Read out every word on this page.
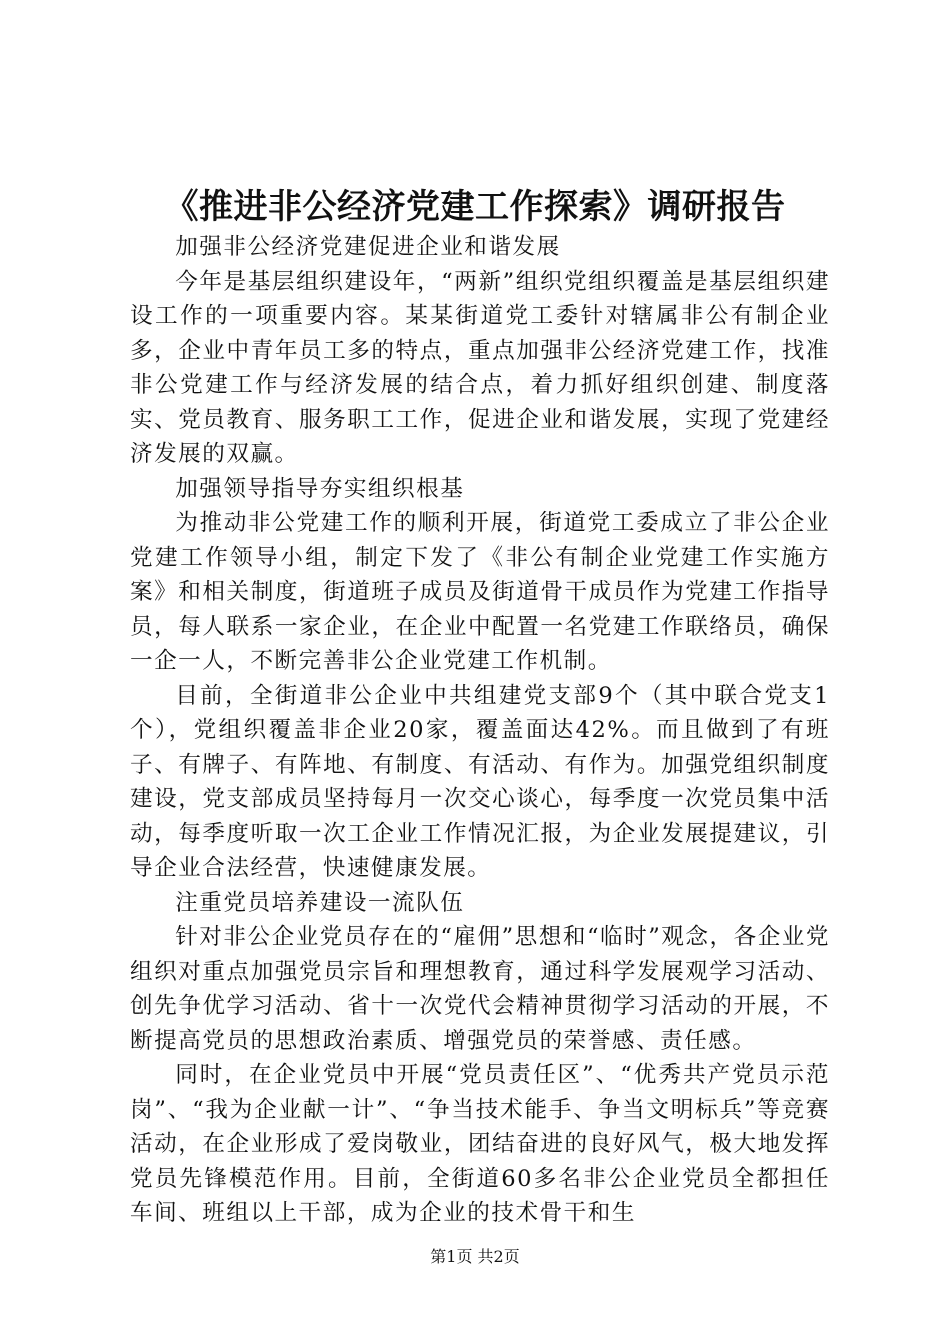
《推进非公经济党建工作探索》调研报告

加强非公经济党建促进企业和谐发展

今年是基层组织建设年，“两新”组织党组织覆盖是基层组织建设工作的一项重要内容。某某街道党工委针对辖属非公有制企业多，企业中青年员工多的特点，重点加强非公经济党建工作，找准非公党建工作与经济发展的结合点，着力抓好组织创建、制度落实、党员教育、服务职工工作，促进企业和谐发展，实现了党建经济发展的双赢。

加强领导指导夯实组织根基

为推动非公党建工作的顺利开展，街道党工委成立了非公企业党建工作领导小组，制定下发了《非公有制企业党建工作实施方案》和相关制度，街道班子成员及街道骨干成员作为党建工作指导员，每人联系一家企业，在企业中配置一名党建工作联络员，确保一企一人，不断完善非公企业党建工作机制。

目前，全街道非公企业中共组建党支部9个（其中联合党支1个），党组织覆盖非企业20家，覆盖面达42%。而且做到了有班子、有牌子、有阵地、有制度、有活动、有作为。加强党组织制度建设，党支部成员坚持每月一次交心谈心，每季度一次党员集中活动，每季度听取一次工企业工作情况汇报，为企业发展提建议，引导企业合法经营，快速健康发展。

注重党员培养建设一流队伍

针对非公企业党员存在的“雇佣”思想和“临时”观念，各企业党组织对重点加强党员宗旨和理想教育，通过科学发展观学习活动、创先争优学习活动、省十一次党代会精神贯彻学习活动的开展，不断提高党员的思想政治素质、增强党员的荣誉感、责任感。

同时，在企业党员中开展“党员责任区”、“优秀共产党员示范岗”、“我为企业献一计”、“争当技术能手、争当文明标兵”等竞赛活动，在企业形成了爱岗敬业，团结奋进的良好风气，极大地发挥党员先锋模范作用。目前，全街道60多名非公企业党员全都担任车间、班组以上干部，成为企业的技术骨干和生

第1页 共2页
